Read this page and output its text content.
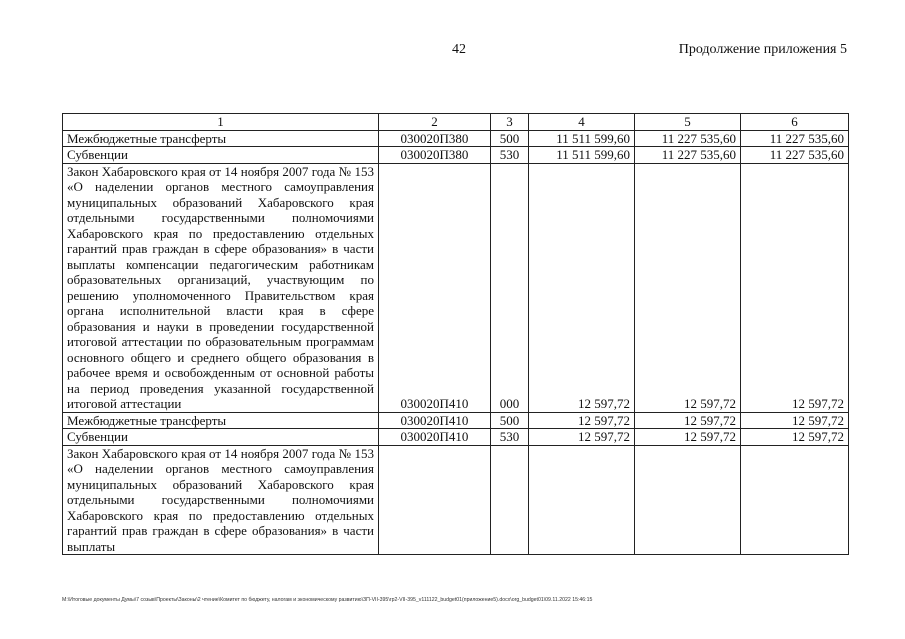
42	Продолжение приложения 5
1	2	3	4	5	6
Межбюджетные трансферты	030020П380	500	11 511 599,60	11 227 535,60	11 227 535,60
Субвенции	030020П380	530	11 511 599,60	11 227 535,60	11 227 535,60
Закон Хабаровского края от 14 ноября 2007 года № 153 «О наделении органов местного самоуправления муниципальных образований Хабаровского края отдельными государственными полномочиями Хабаровского края по предоставлению отдельных гарантий прав граждан в сфере образования» в части выплаты компенсации педагогическим работникам образовательных организаций, участвующим по решению уполномоченного Правительством края органа исполнительной власти края в сфере образования и науки в проведении государственной итоговой аттестации по образовательным программам основного общего и среднего общего образования в рабочее время и освобожденным от основной работы на период проведения указанной государственной итоговой аттестации	030020П410	000	12 597,72	12 597,72	12 597,72
Межбюджетные трансферты	030020П410	500	12 597,72	12 597,72	12 597,72
Субвенции	030020П410	530	12 597,72	12 597,72	12 597,72
Закон Хабаровского края от 14 ноября 2007 года № 153 «О наделении органов местного самоуправления муниципальных образований Хабаровского края отдельными государственными полномочиями Хабаровского края по предоставлению отдельных гарантий прав граждан в сфере образования» в части выплаты					
M:\Итоговые документы Думы\7 созыв\Проекты\Законы\2 чтение\Комитет по бюджету, налогам и экономическому развитию\ЗП-VII-395\гр2-VII-395_v111122_budget01(приложение5).docx\org_budget01\09.11.2022 15:46:15
